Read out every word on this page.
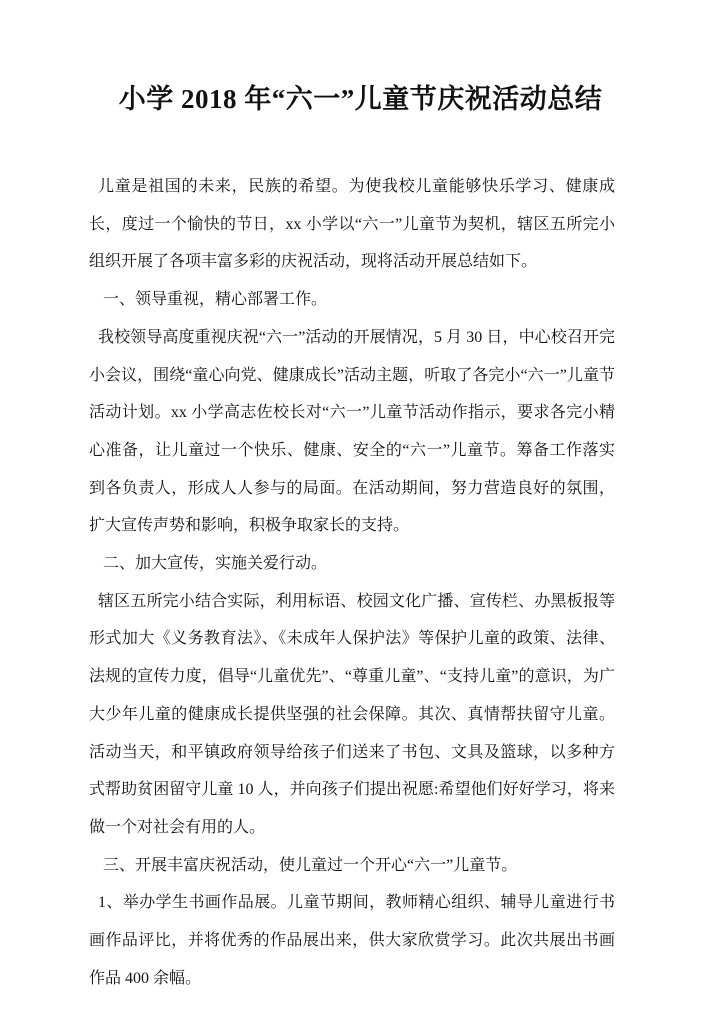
小学 2018 年“六一”儿童节庆祝活动总结

儿童是祖国的未来，民族的希望。为使我校儿童能够快乐学习、健康成长，度过一个愉快的节日，xx 小学以“六一”儿童节为契机，辖区五所完小组织开展了各项丰富多彩的庆祝活动，现将活动开展总结如下。

一、领导重视，精心部署工作。

我校领导高度重视庆祝“六一”活动的开展情况，5 月 30 日，中心校召开完小会议，围绕“童心向党、健康成长”活动主题，听取了各完小“六一”儿童节活动计划。xx 小学高志佐校长对“六一”儿童节活动作指示，要求各完小精心准备，让儿童过一个快乐、健康、安全的“六一”儿童节。筹备工作落实到各负责人，形成人人参与的局面。在活动期间，努力营造良好的氛围，扩大宣传声势和影响，积极争取家长的支持。

二、加大宣传，实施关爱行动。

辖区五所完小结合实际，利用标语、校园文化广播、宣传栏、办黑板报等形式加大《义务教育法》、《未成年人保护法》等保护儿童的政策、法律、法规的宣传力度，倡导“儿童优先”、“尊重儿童”、“支持儿童”的意识，为广大少年儿童的健康成长提供坚强的社会保障。其次、真情帮扶留守儿童。活动当天，和平镇政府领导给孩子们送来了书包、文具及篮球，以多种方式帮助贫困留守儿童 10 人，并向孩子们提出祝愿:希望他们好好学习，将来做一个对社会有用的人。

三、开展丰富庆祝活动，使儿童过一个开心“六一”儿童节。

1、举办学生书画作品展。儿童节期间，教师精心组织、辅导儿童进行书画作品评比，并将优秀的作品展出来，供大家欣赏学习。此次共展出书画作品 400 余幅。
